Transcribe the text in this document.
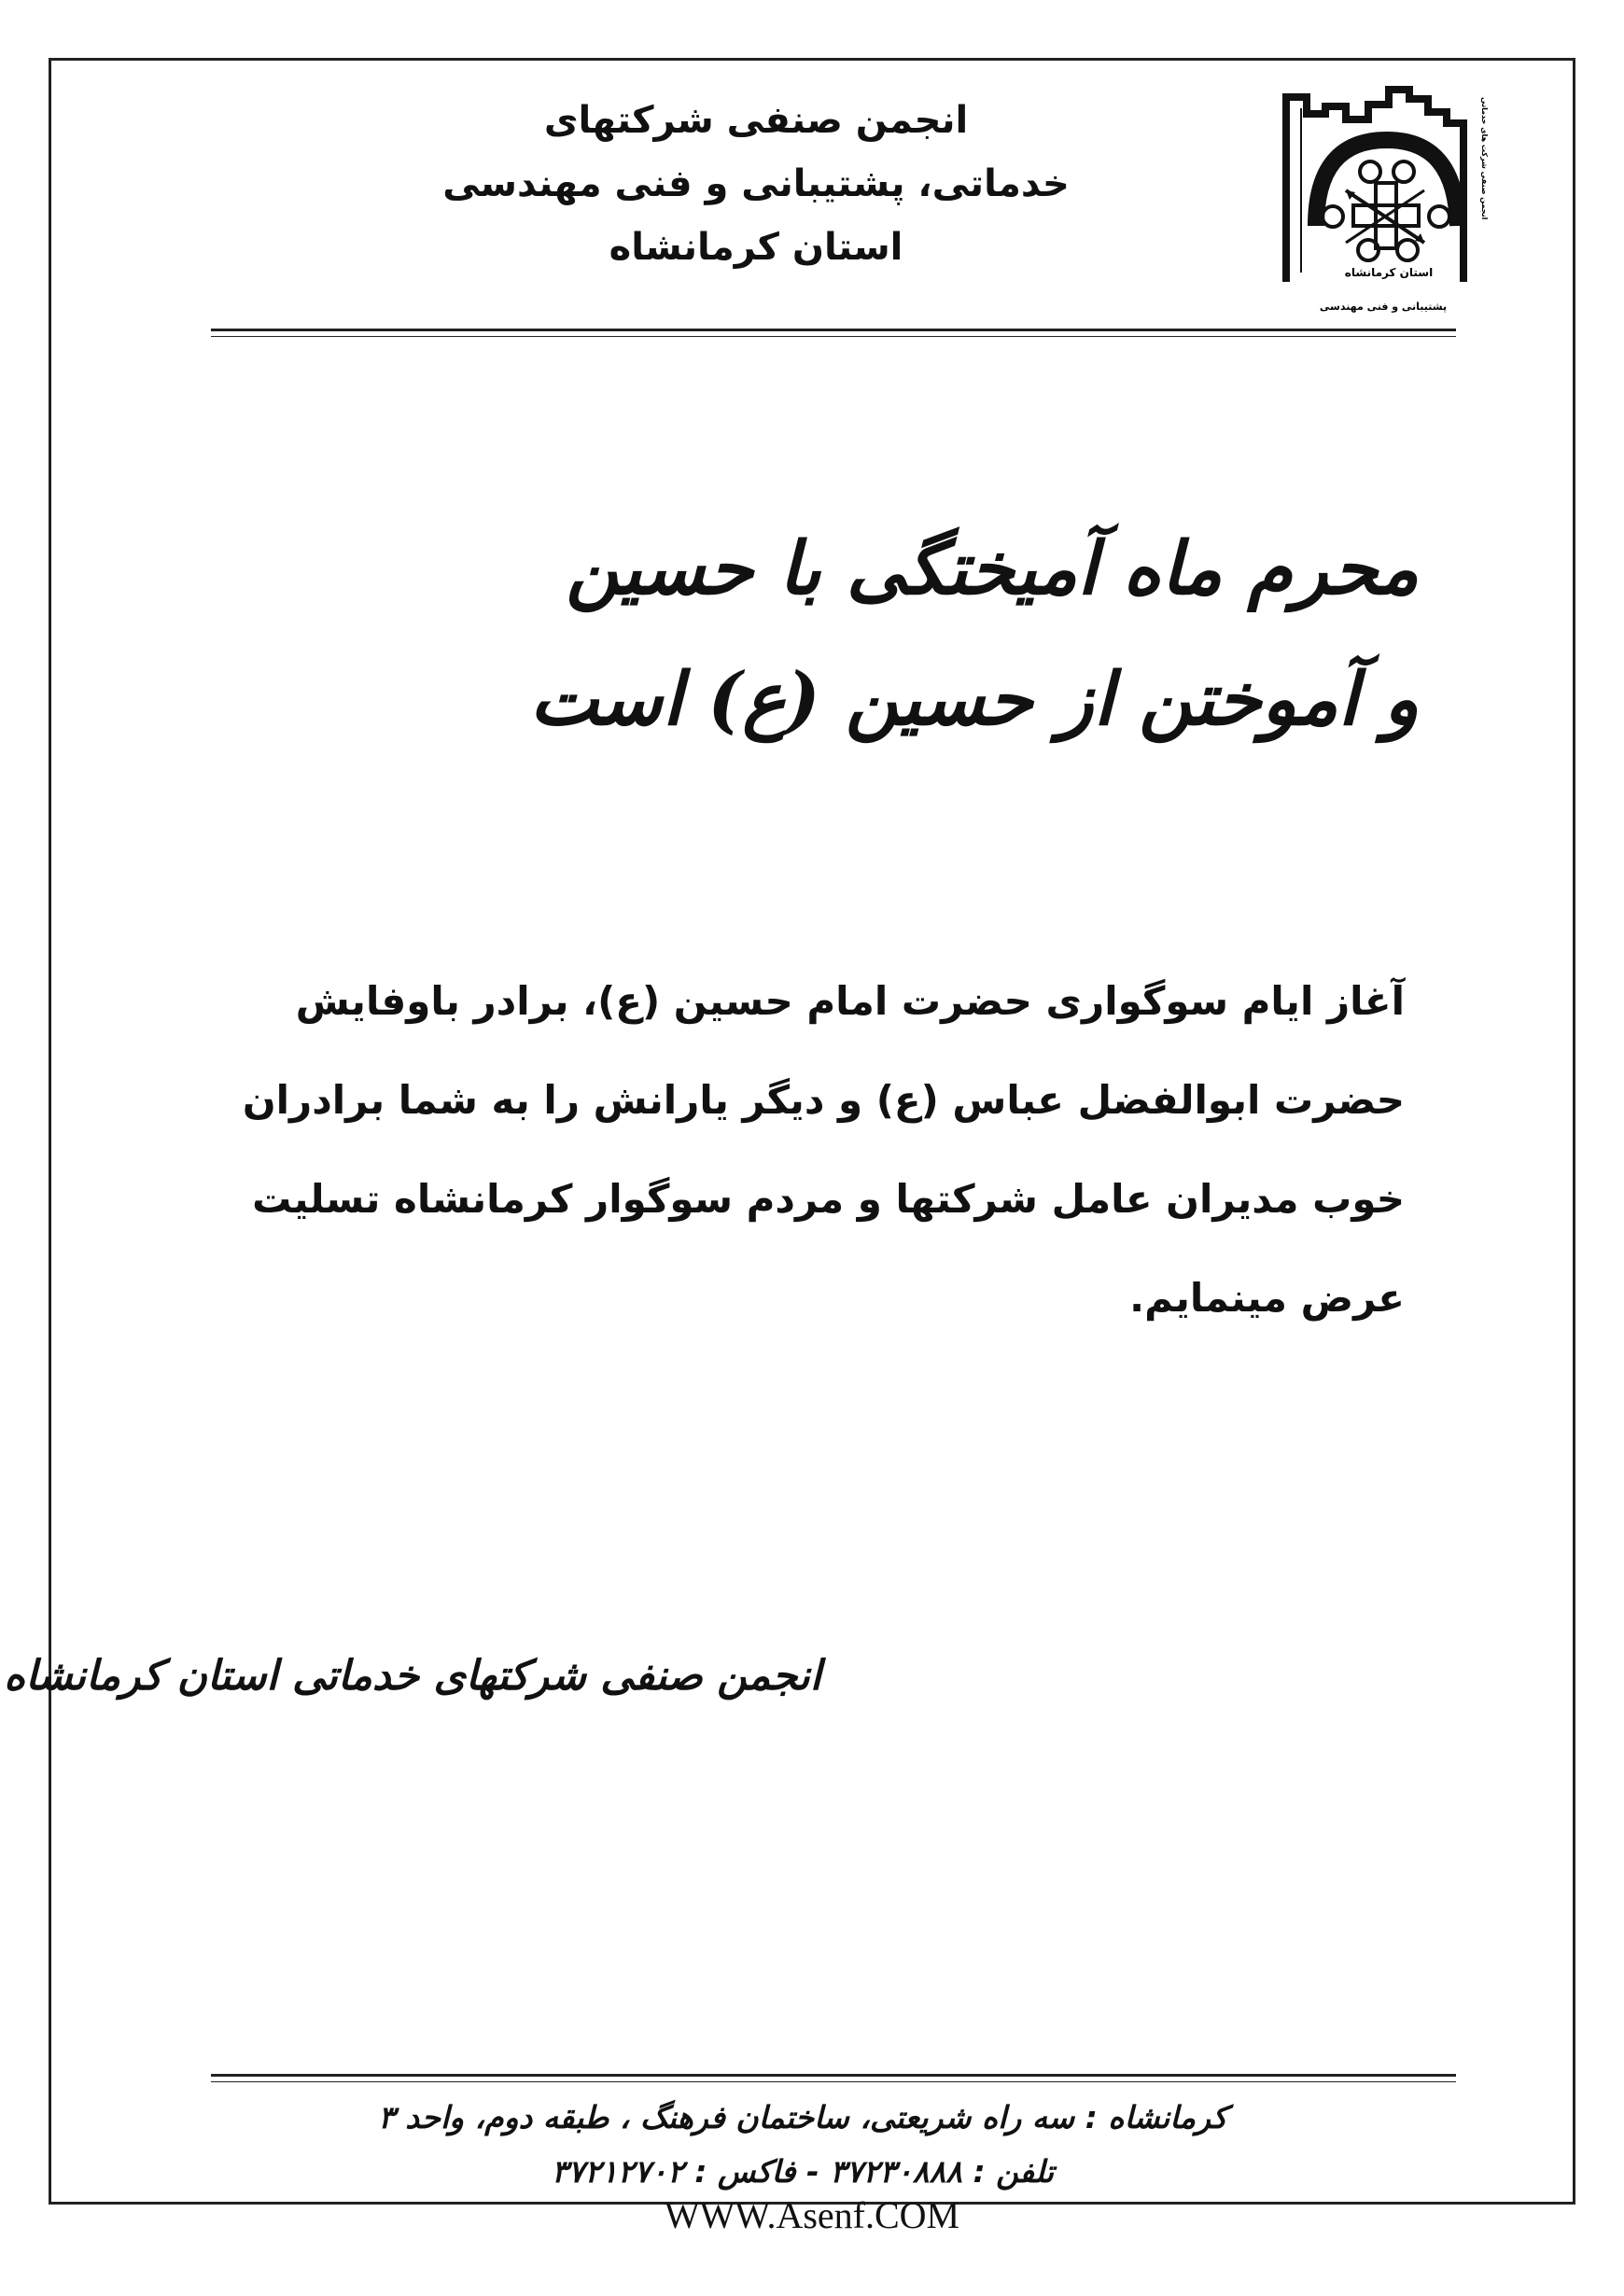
استان کرمانشاه
پشتیبانی و فنی مهندسی
انجمن صنفی شرکت های خدماتی
انجمن صنفی شرکتهای
خدماتی، پشتیبانی و فنی مهندسی
استان کرمانشاه
محرم ماه آمیختگی با حسین
و آموختن از حسین (ع) است
آغاز ایام سوگواری حضرت امام حسین (ع)، برادر باوفایش
حضرت ابوالفضل عباس (ع) و دیگر یارانش را به شما برادران
خوب مدیران عامل شرکتها و مردم سوگوار کرمانشاه تسلیت
عرض مینمایم.
انجمن صنفی شرکتهای خدماتی استان کرمانشاه
کرمانشاه : سه راه شریعتی، ساختمان فرهنگ ، طبقه دوم، واحد ۳
تلفن : ۳۷۲۳۰۸۸۸ - فاکس : ۳۷۲۱۲۷۰۲
WWW.Asenf.COM
